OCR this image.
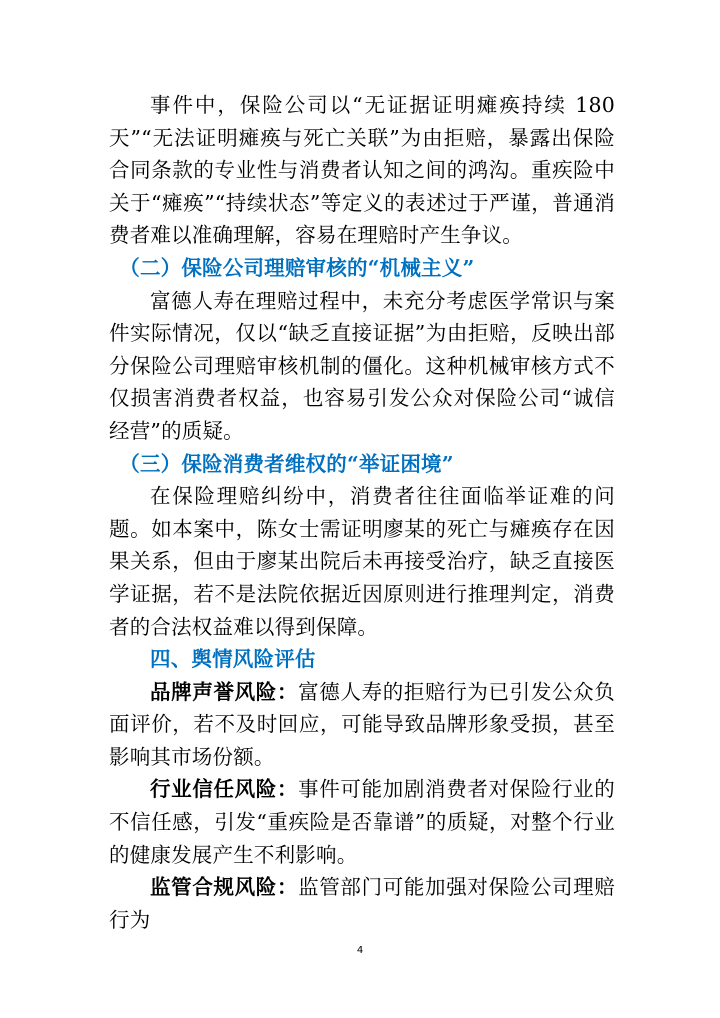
事件中，保险公司以“无证据证明瘫痪持续 180 天”“无法证明瘫痪与死亡关联”为由拒赔，暴露出保险合同条款的专业性与消费者认知之间的鸿沟。重疾险中关于“瘫痪”“持续状态”等定义的表述过于严谨，普通消费者难以准确理解，容易在理赔时产生争议。

（二）保险公司理赔审核的“机械主义”

富德人寿在理赔过程中，未充分考虑医学常识与案件实际情况，仅以“缺乏直接证据”为由拒赔，反映出部分保险公司理赔审核机制的僵化。这种机械审核方式不仅损害消费者权益，也容易引发公众对保险公司“诚信经营”的质疑。

（三）保险消费者维权的“举证困境”

在保险理赔纠纷中，消费者往往面临举证难的问题。如本案中，陈女士需证明廖某的死亡与瘫痪存在因果关系，但由于廖某出院后未再接受治疗，缺乏直接医学证据，若不是法院依据近因原则进行推理判定，消费者的合法权益难以得到保障。

四、舆情风险评估

品牌声誉风险：富德人寿的拒赔行为已引发公众负面评价，若不及时回应，可能导致品牌形象受损，甚至影响其市场份额。

行业信任风险：事件可能加剧消费者对保险行业的不信任感，引发“重疾险是否靠谱”的质疑，对整个行业的健康发展产生不利影响。

监管合规风险：监管部门可能加强对保险公司理赔行为

4
